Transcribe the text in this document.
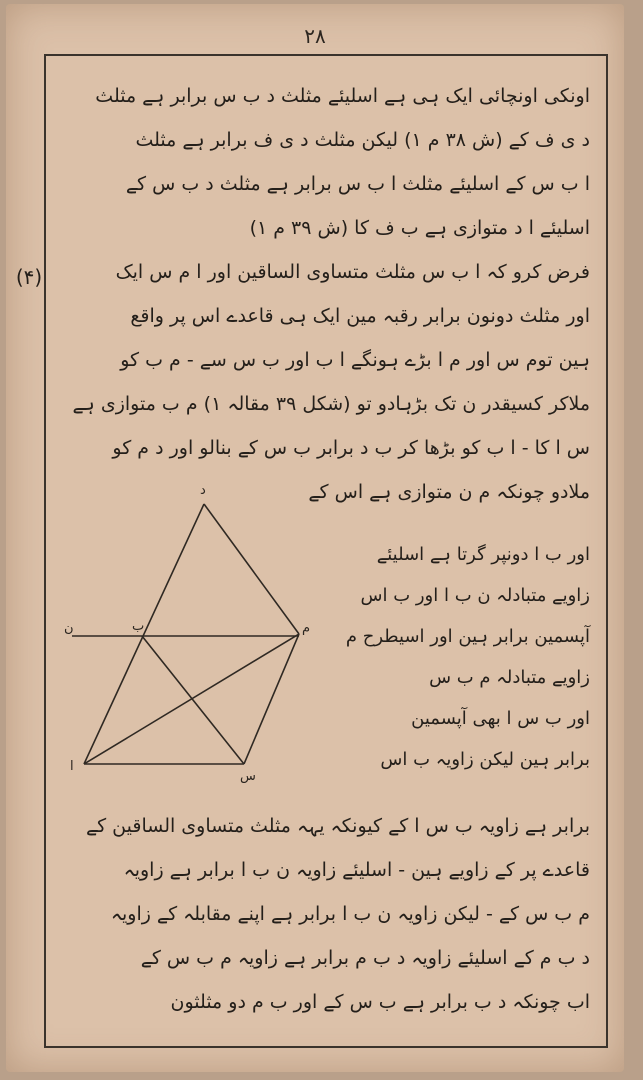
۲۸
(۴)
اونکی اونچائی ایک ہی ہے اسلیئے مثلث د ب س برابر ہے مثلث
د ی ف کے (ش ۳۸ م ۱) لیکن مثلث د ی ف برابر ہے مثلث
ا ب س کے اسلیئے مثلث ا ب س برابر ہے مثلث د ب س کے
اسلیئے ا د متوازی ہے ب ف کا (ش ۳۹ م ۱)
فرض کرو کہ ا ب س مثلث متساوی الساقین اور ا م س ایک
اور مثلث دونون برابر رقبہ مین ایک ہی قاعدے اس پر واقع
ہین توم س اور م ا بڑے ہونگے ا ب اور ب س سے - م ب کو
ملاکر کسیقدر ن تک بڑہادو تو (شکل ۳۹ مقالہ ۱) م ب متوازی ہے
س ا کا - ا ب کو بڑھا کر ب د برابر ب س کے بنالو اور د م کو
ملادو چونکہ م ن متوازی ہے اس کے
اور ب ا دونپر گرتا ہے اسلیئے
زاویے متبادلہ ن ب ا اور ب اس
آپسمین برابر ہین اور اسیطرح م
زاویے متبادلہ م ب س
اور ب س ا بھی آپسمین
برابر ہین لیکن زاویہ ب اس
برابر ہے زاویہ ب س ا کے کیونکہ یہہ مثلث متساوی الساقین کے
قاعدے پر کے زاویے ہین - اسلیئے زاویہ ن ب ا برابر ہے زاویہ
م ب س کے - لیکن زاویہ ن ب ا برابر ہے اپنے مقابلہ کے زاویہ
د ب م کے اسلیئے زاویہ د ب م برابر ہے زاویہ م ب س کے
اب چونکہ د ب برابر ہے ب س کے اور ب م دو مثلثون
د
ن	ب	م
ا
س
